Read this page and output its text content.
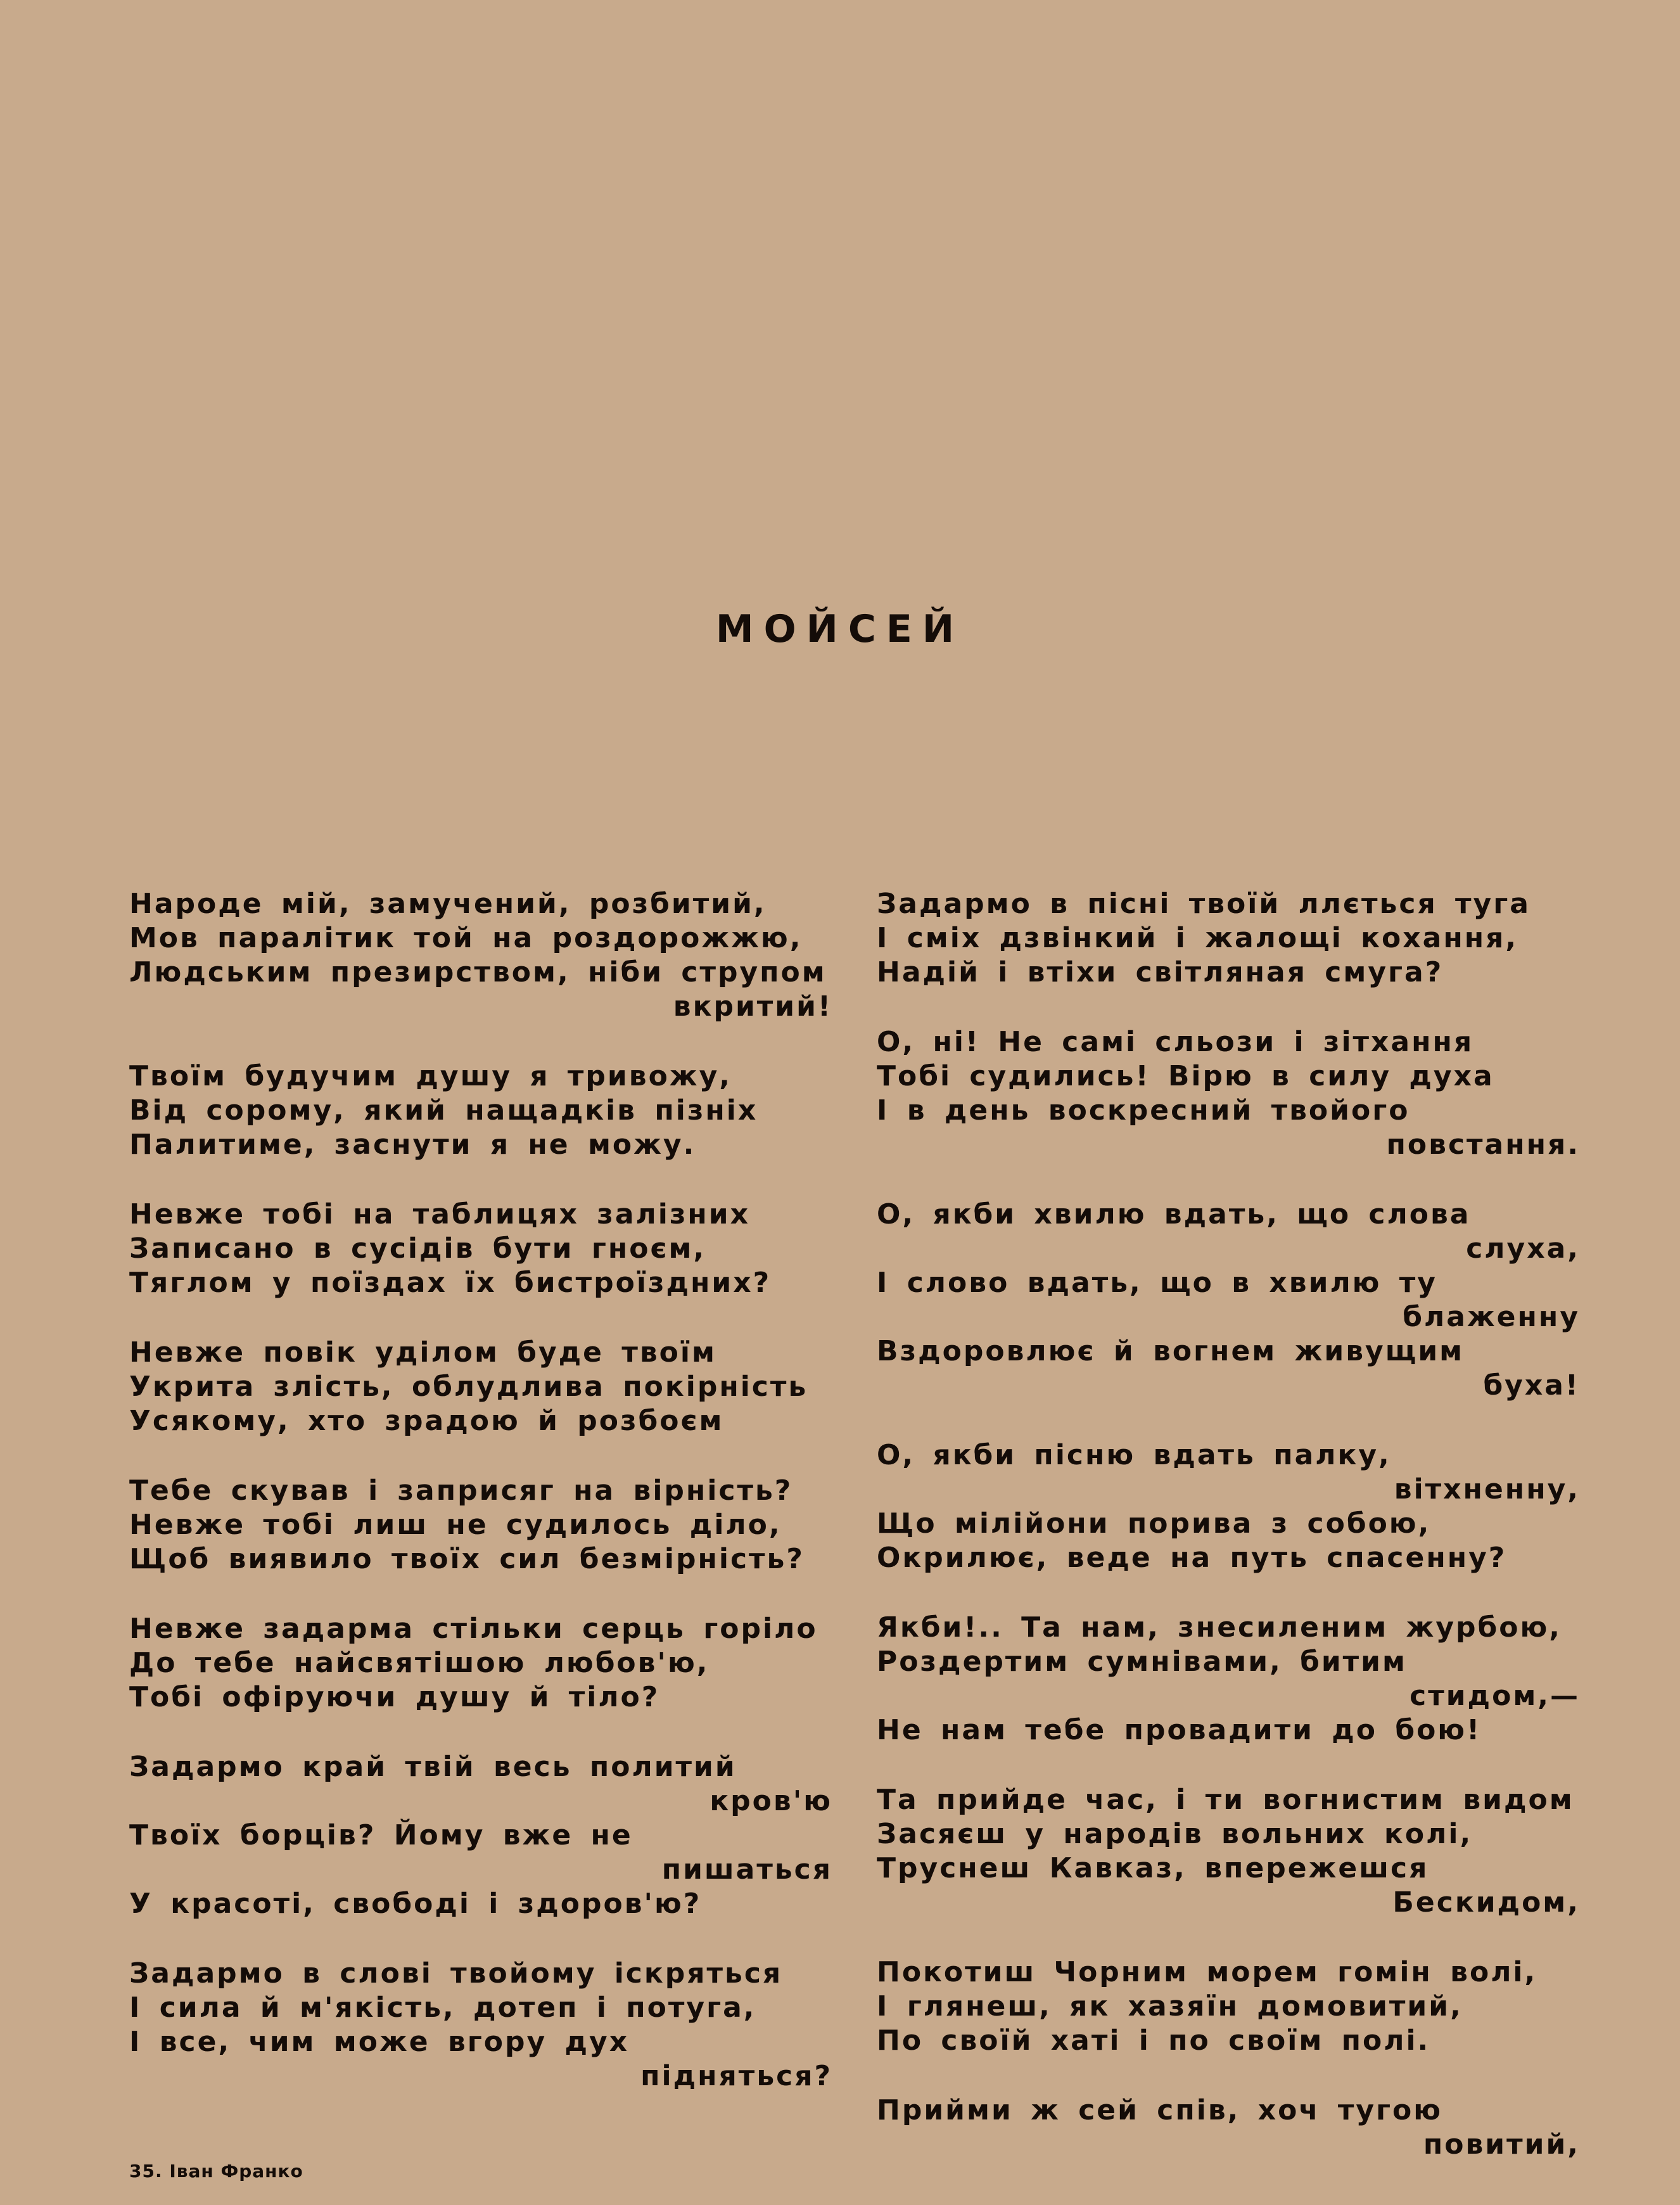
МОЙСЕЙ
Народе мій, замучений, розбитий,
Мов паралітик той на роздорожжю,
Людським презирством, ніби струпом
вкритий!
Твоїм будучим душу я тривожу,
Від сорому, який нащадків пізніх
Палитиме, заснути я не можу.
Невже тобі на таблицях залізних
Записано в сусідів бути гноєм,
Тяглом у поїздах їх бистроїздних?
Невже повік уділом буде твоїм
Укрита злість, облудлива покірність
Усякому, хто зрадою й розбоєм
Тебе скував і заприсяг на вірність?
Невже тобі лиш не судилось діло,
Щоб виявило твоїх сил безмірність?
Невже задарма стільки серць горіло
До тебе найсвятішою любов'ю,
Тобі офіруючи душу й тіло?
Задармо край твій весь политий
кров'ю
Твоїх борців? Йому вже не
пишаться
У красоті, свободі і здоров'ю?
Задармо в слові твойому іскряться
І сила й м'якість, дотеп і потуга,
І все, чим може вгору дух
підняться?
Задармо в пісні твоїй ллється туга
І сміх дзвінкий і жалощі кохання,
Надій і втіхи світляная смуга?
О, ні! Не самі сльози і зітхання
Тобі судились! Вірю в силу духа
І в день воскресний твойого
повстання.
О, якби хвилю вдать, що слова
слуха,
І слово вдать, що в хвилю ту
блаженну
Вздоровлює й вогнем живущим
буха!
О, якби пісню вдать палку,
вітхненну,
Що мілійони порива з собою,
Окрилює, веде на путь спасенну?
Якби!.. Та нам, знесиленим журбою,
Роздертим сумнівами, битим
стидом,—
Не нам тебе провадити до бою!
Та прийде час, і ти вогнистим видом
Засяєш у народів вольних колі,
Труснеш Кавказ, впережешся
Бескидом,
Покотиш Чорним морем гомін волі,
І глянеш, як хазяїн домовитий,
По своїй хаті і по своїм полі.
Прийми ж сей спів, хоч тугою
повитий,
35. Іван Франко
